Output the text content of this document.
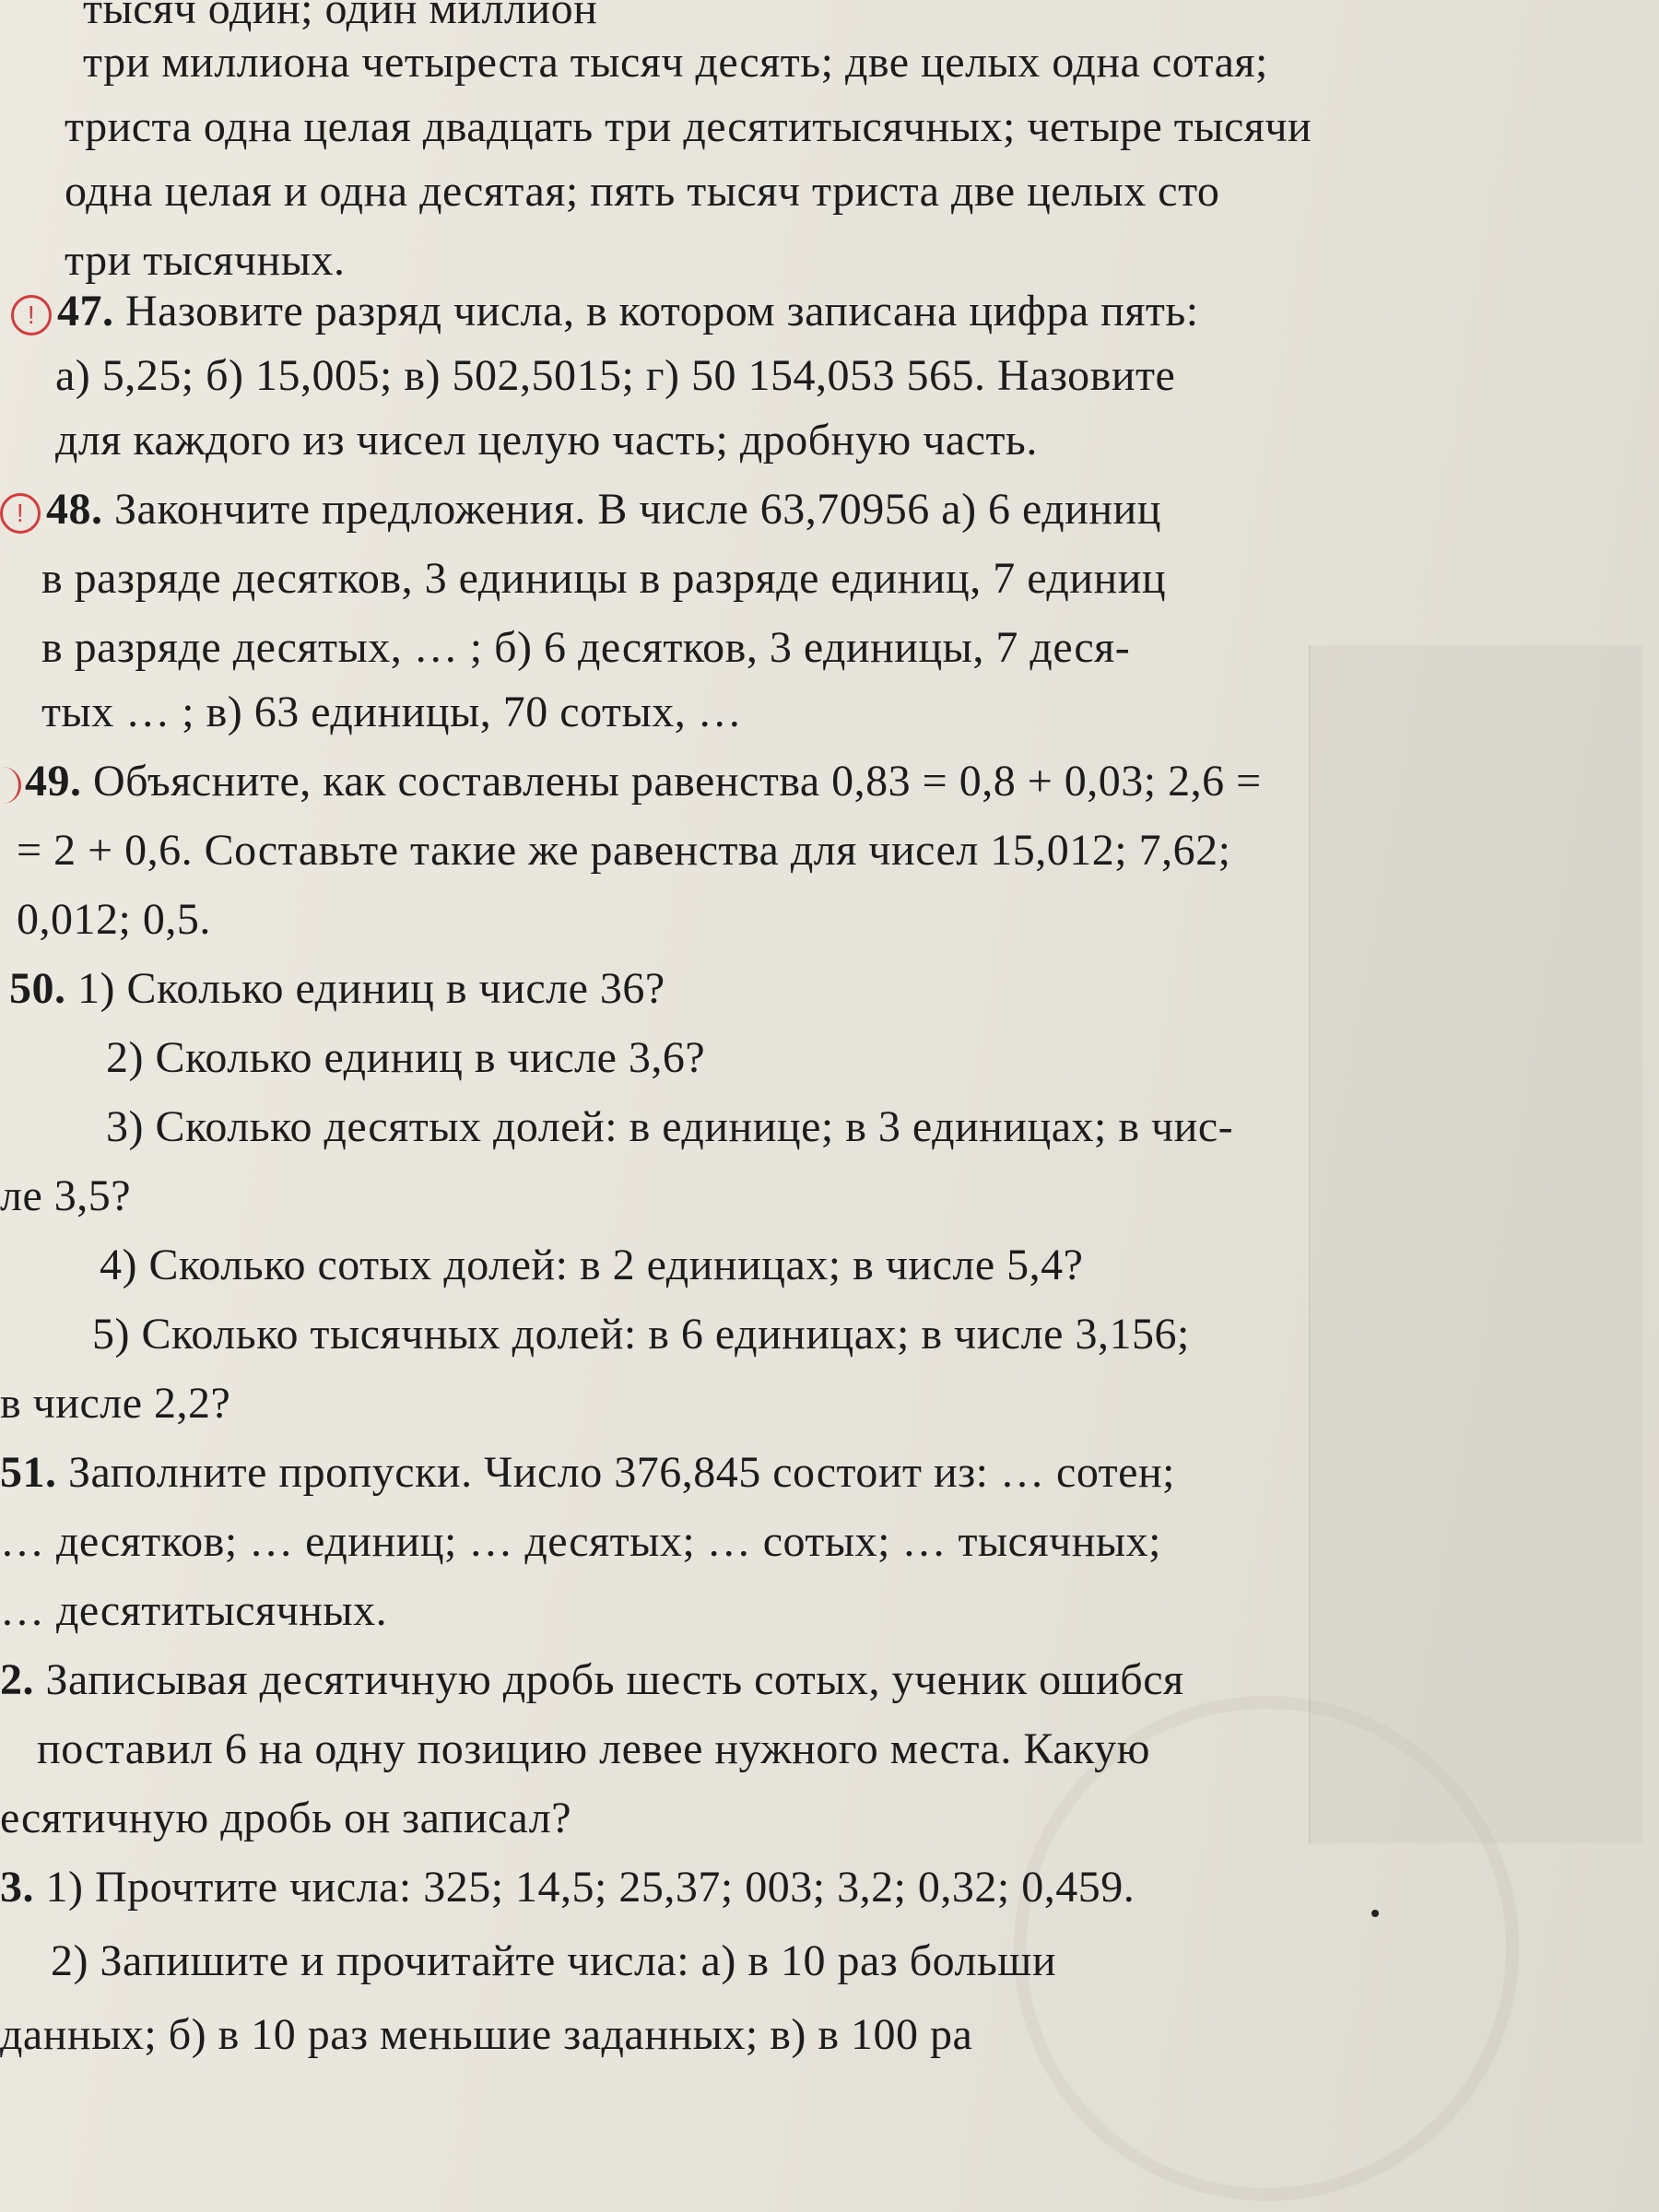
тысяч один; один миллион
три миллиона четыреста тысяч десять; две целых одна сотая;
триста одна целая двадцать три десятитысячных; четыре тысячи
одна целая и одна десятая; пять тысяч триста две целых сто
три тысячных.
! 47. Назовите разряд числа, в котором записана цифра пять:
а) 5,25; б) 15,005; в) 502,5015; г) 50 154,053 565. Назовите
для каждого из чисел целую часть; дробную часть.
! 48. Закончите предложения. В числе 63,70956 а) 6 единиц
в разряде десятков, 3 единицы в разряде единиц, 7 единиц
в разряде десятых, … ; б) 6 десятков, 3 единицы, 7 деся-
тых … ; в) 63 единицы, 70 сотых, …
49. Объясните, как составлены равенства 0,83 = 0,8 + 0,03; 2,6 =
= 2 + 0,6. Составьте такие же равенства для чисел 15,012; 7,62;
0,012; 0,5.
50. 1) Сколько единиц в числе 36?
2) Сколько единиц в числе 3,6?
3) Сколько десятых долей: в единице; в 3 единицах; в чис-
ле 3,5?
4) Сколько сотых долей: в 2 единицах; в числе 5,4?
5) Сколько тысячных долей: в 6 единицах; в числе 3,156;
в числе 2,2?
51. Заполните пропуски. Число 376,845 состоит из: … сотен;
… десятков; … единиц; … десятых; … сотых; … тысячных;
… десятитысячных.
2. Записывая десятичную дробь шесть сотых, ученик ошибся
поставил 6 на одну позицию левее нужного места. Какую
есятичную дробь он записал?
3. 1) Прочтите числа: 325; 14,5; 25,37; 003; 3,2; 0,32; 0,459.
2) Запишите и прочитайте числа: а) в 10 раз больши
данных; б) в 10 раз меньшие заданных; в) в 100 ра
